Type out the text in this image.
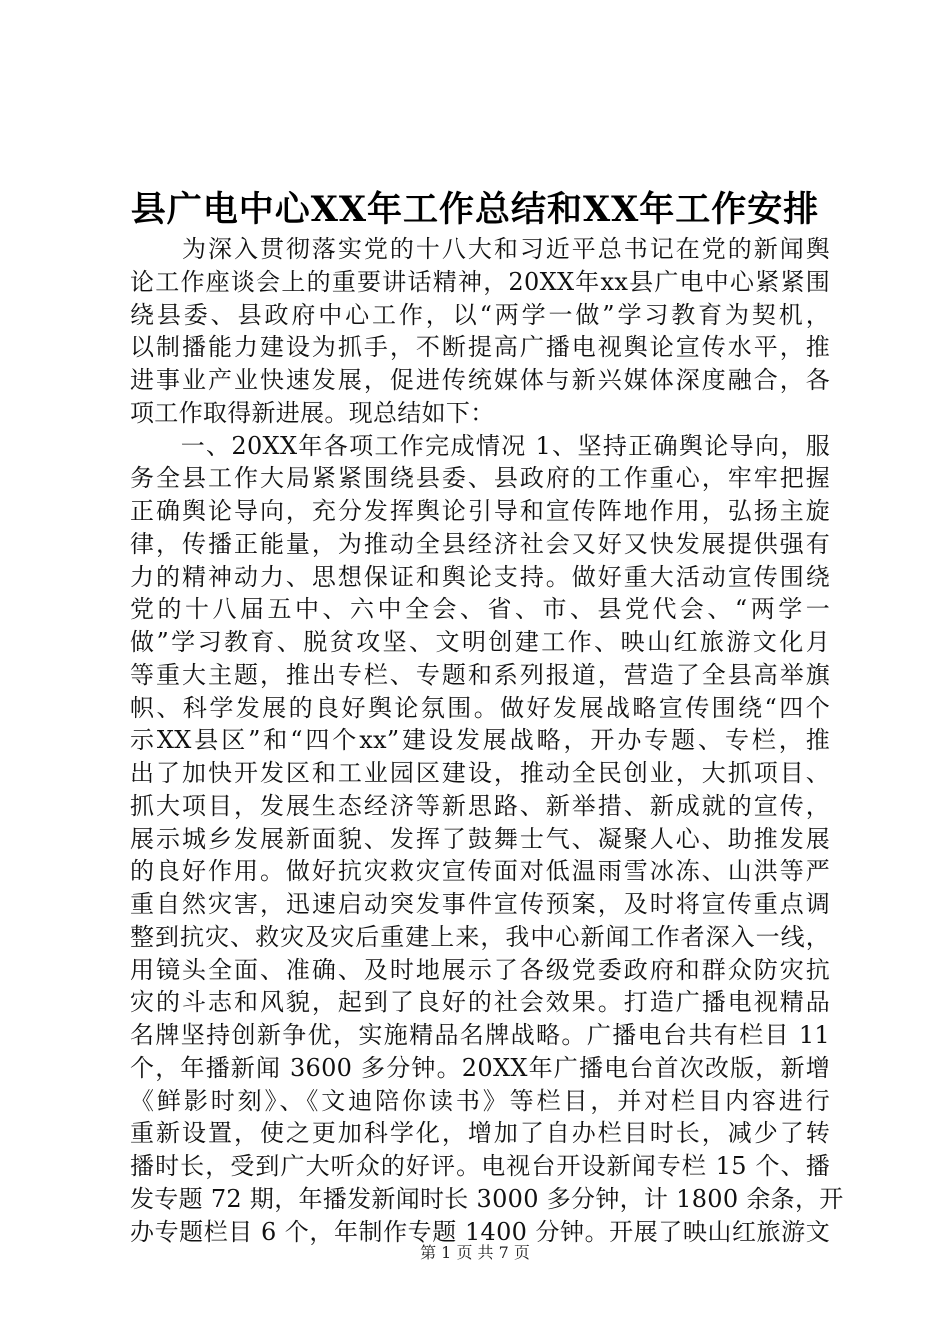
县广电中心XX年工作总结和XX年工作安排
　　为深入贯彻落实党的十八大和习近平总书记在党的新闻舆
论工作座谈会上的重要讲话精神，20XX年xx县广电中心紧紧围
绕县委、县政府中心工作，以“两学一做”学习教育为契机，
以制播能力建设为抓手，不断提高广播电视舆论宣传水平，推
进事业产业快速发展，促进传统媒体与新兴媒体深度融合，各
项工作取得新进展。现总结如下：
　　一、20XX年各项工作完成情况 1、坚持正确舆论导向，服
务全县工作大局紧紧围绕县委、县政府的工作重心，牢牢把握
正确舆论导向，充分发挥舆论引导和宣传阵地作用，弘扬主旋
律，传播正能量，为推动全县经济社会又好又快发展提供强有
力的精神动力、思想保证和舆论支持。做好重大活动宣传围绕
党的十八届五中、六中全会、省、市、县党代会、“两学一
做”学习教育、脱贫攻坚、文明创建工作、映山红旅游文化月
等重大主题，推出专栏、专题和系列报道，营造了全县高举旗
帜、科学发展的良好舆论氛围。做好发展战略宣传围绕“四个
示XX县区”和“四个xx”建设发展战略，开办专题、专栏，推
出了加快开发区和工业园区建设，推动全民创业，大抓项目、
抓大项目，发展生态经济等新思路、新举措、新成就的宣传，
展示城乡发展新面貌、发挥了鼓舞士气、凝聚人心、助推发展
的良好作用。做好抗灾救灾宣传面对低温雨雪冰冻、山洪等严
重自然灾害，迅速启动突发事件宣传预案，及时将宣传重点调
整到抗灾、救灾及灾后重建上来，我中心新闻工作者深入一线，
用镜头全面、准确、及时地展示了各级党委政府和群众防灾抗
灾的斗志和风貌，起到了良好的社会效果。打造广播电视精品
名牌坚持创新争优，实施精品名牌战略。广播电台共有栏目 11
个，年播新闻 3600 多分钟。20XX年广播电台首次改版，新增
《鲜影时刻》、《文迪陪你读书》等栏目，并对栏目内容进行
重新设置，使之更加科学化，增加了自办栏目时长，减少了转
播时长，受到广大听众的好评。电视台开设新闻专栏 15 个、播
发专题 72 期，年播发新闻时长 3000 多分钟，计 1800 余条，开
办专题栏目 6 个，年制作专题 1400 分钟。开展了映山红旅游文
第 1 页 共 7 页
